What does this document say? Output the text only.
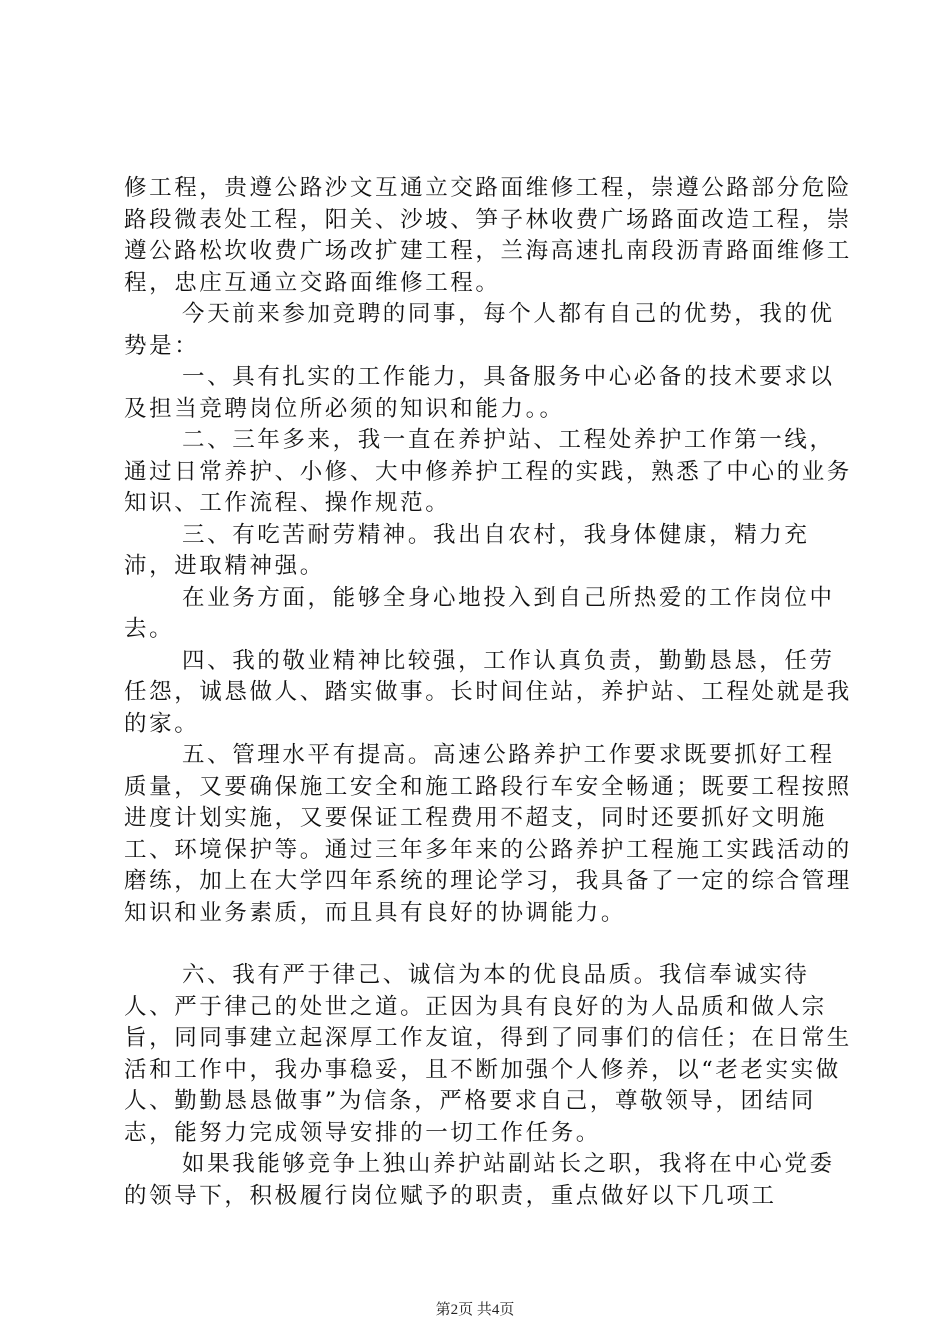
修工程，贵遵公路沙文互通立交路面维修工程，崇遵公路部分危险路段微表处工程，阳关、沙坡、笋子林收费广场路面改造工程，崇遵公路松坎收费广场改扩建工程，兰海高速扎南段沥青路面维修工程，忠庄互通立交路面维修工程。

今天前来参加竞聘的同事，每个人都有自己的优势，我的优势是：

一、具有扎实的工作能力，具备服务中心必备的技术要求以及担当竞聘岗位所必须的知识和能力。。

二、三年多来，我一直在养护站、工程处养护工作第一线，通过日常养护、小修、大中修养护工程的实践，熟悉了中心的业务知识、工作流程、操作规范。

三、有吃苦耐劳精神。我出自农村，我身体健康，精力充沛，进取精神强。

在业务方面，能够全身心地投入到自己所热爱的工作岗位中去。

四、我的敬业精神比较强，工作认真负责，勤勤恳恳，任劳任怨，诚恳做人、踏实做事。长时间住站，养护站、工程处就是我的家。

五、管理水平有提高。高速公路养护工作要求既要抓好工程质量，又要确保施工安全和施工路段行车安全畅通；既要工程按照进度计划实施，又要保证工程费用不超支，同时还要抓好文明施工、环境保护等。通过三年多年来的公路养护工程施工实践活动的磨练，加上在大学四年系统的理论学习，我具备了一定的综合管理知识和业务素质，而且具有良好的协调能力。

六、我有严于律己、诚信为本的优良品质。我信奉诚实待人、严于律己的处世之道。正因为具有良好的为人品质和做人宗旨，同同事建立起深厚工作友谊，得到了同事们的信任；在日常生活和工作中，我办事稳妥，且不断加强个人修养，以“老老实实做人、勤勤恳恳做事”为信条，严格要求自己，尊敬领导，团结同志，能努力完成领导安排的一切工作任务。

如果我能够竞争上独山养护站副站长之职，我将在中心党委的领导下，积极履行岗位赋予的职责，重点做好以下几项工

第2页 共4页
